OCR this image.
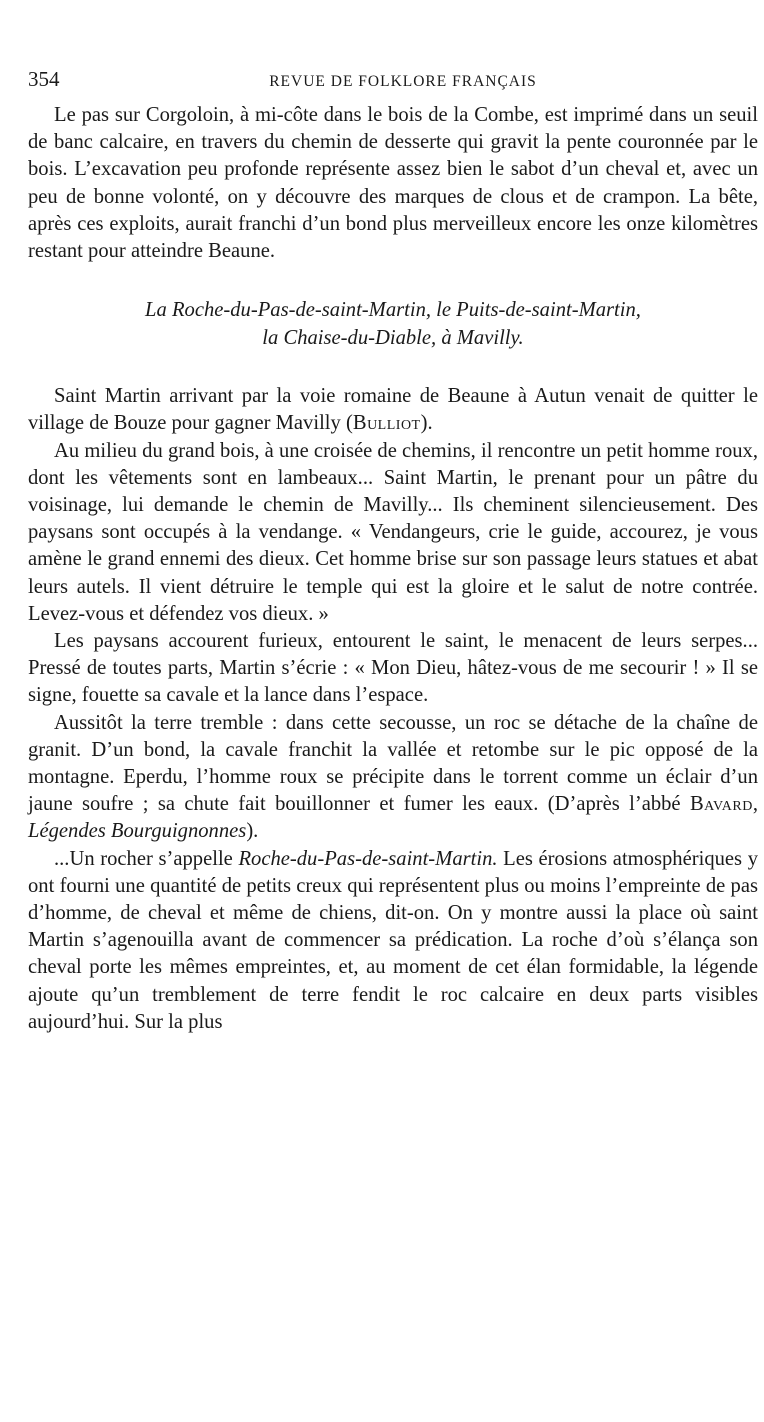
354	REVUE DE FOLKLORE FRANÇAIS

Le pas sur Corgoloin, à mi-côte dans le bois de la Combe, est imprimé dans un seuil de banc calcaire, en travers du chemin de desserte qui gravit la pente couronnée par le bois. L’excavation peu profonde représente assez bien le sabot d’un cheval et, avec un peu de bonne volonté, on y découvre des marques de clous et de crampon. La bête, après ces exploits, aurait franchi d’un bond plus merveilleux encore les onze kilomètres restant pour atteindre Beaune.

La Roche-du-Pas-de-saint-Martin, le Puits-de-saint-Martin,
la Chaise-du-Diable, à Mavilly.

Saint Martin arrivant par la voie romaine de Beaune à Autun venait de quitter le village de Bouze pour gagner Mavilly (Bulliot).

Au milieu du grand bois, à une croisée de chemins, il rencontre un petit homme roux, dont les vêtements sont en lambeaux... Saint Martin, le prenant pour un pâtre du voisinage, lui demande le chemin de Mavilly... Ils cheminent silencieusement. Des paysans sont occupés à la vendange. « Vendangeurs, crie le guide, accourez, je vous amène le grand ennemi des dieux. Cet homme brise sur son passage leurs statues et abat leurs autels. Il vient détruire le temple qui est la gloire et le salut de notre contrée. Levez-vous et défendez vos dieux. »

Les paysans accourent furieux, entourent le saint, le menacent de leurs serpes... Pressé de toutes parts, Martin s’écrie : « Mon Dieu, hâtez-vous de me secourir ! » Il se signe, fouette sa cavale et la lance dans l’espace.

Aussitôt la terre tremble : dans cette secousse, un roc se détache de la chaîne de granit. D’un bond, la cavale franchit la vallée et retombe sur le pic opposé de la montagne. Eperdu, l’homme roux se précipite dans le torrent comme un éclair d’un jaune soufre ; sa chute fait bouillonner et fumer les eaux. (D’après l’abbé Bavard, Légendes Bourguignonnes).

...Un rocher s’appelle Roche-du-Pas-de-saint-Martin. Les érosions atmosphériques y ont fourni une quantité de petits creux qui représentent plus ou moins l’empreinte de pas d’homme, de cheval et même de chiens, dit-on. On y montre aussi la place où saint Martin s’agenouilla avant de commencer sa prédication. La roche d’où s’élança son cheval porte les mêmes empreintes, et, au moment de cet élan formidable, la légende ajoute qu’un tremblement de terre fendit le roc calcaire en deux parts visibles aujourd’hui. Sur la plus
